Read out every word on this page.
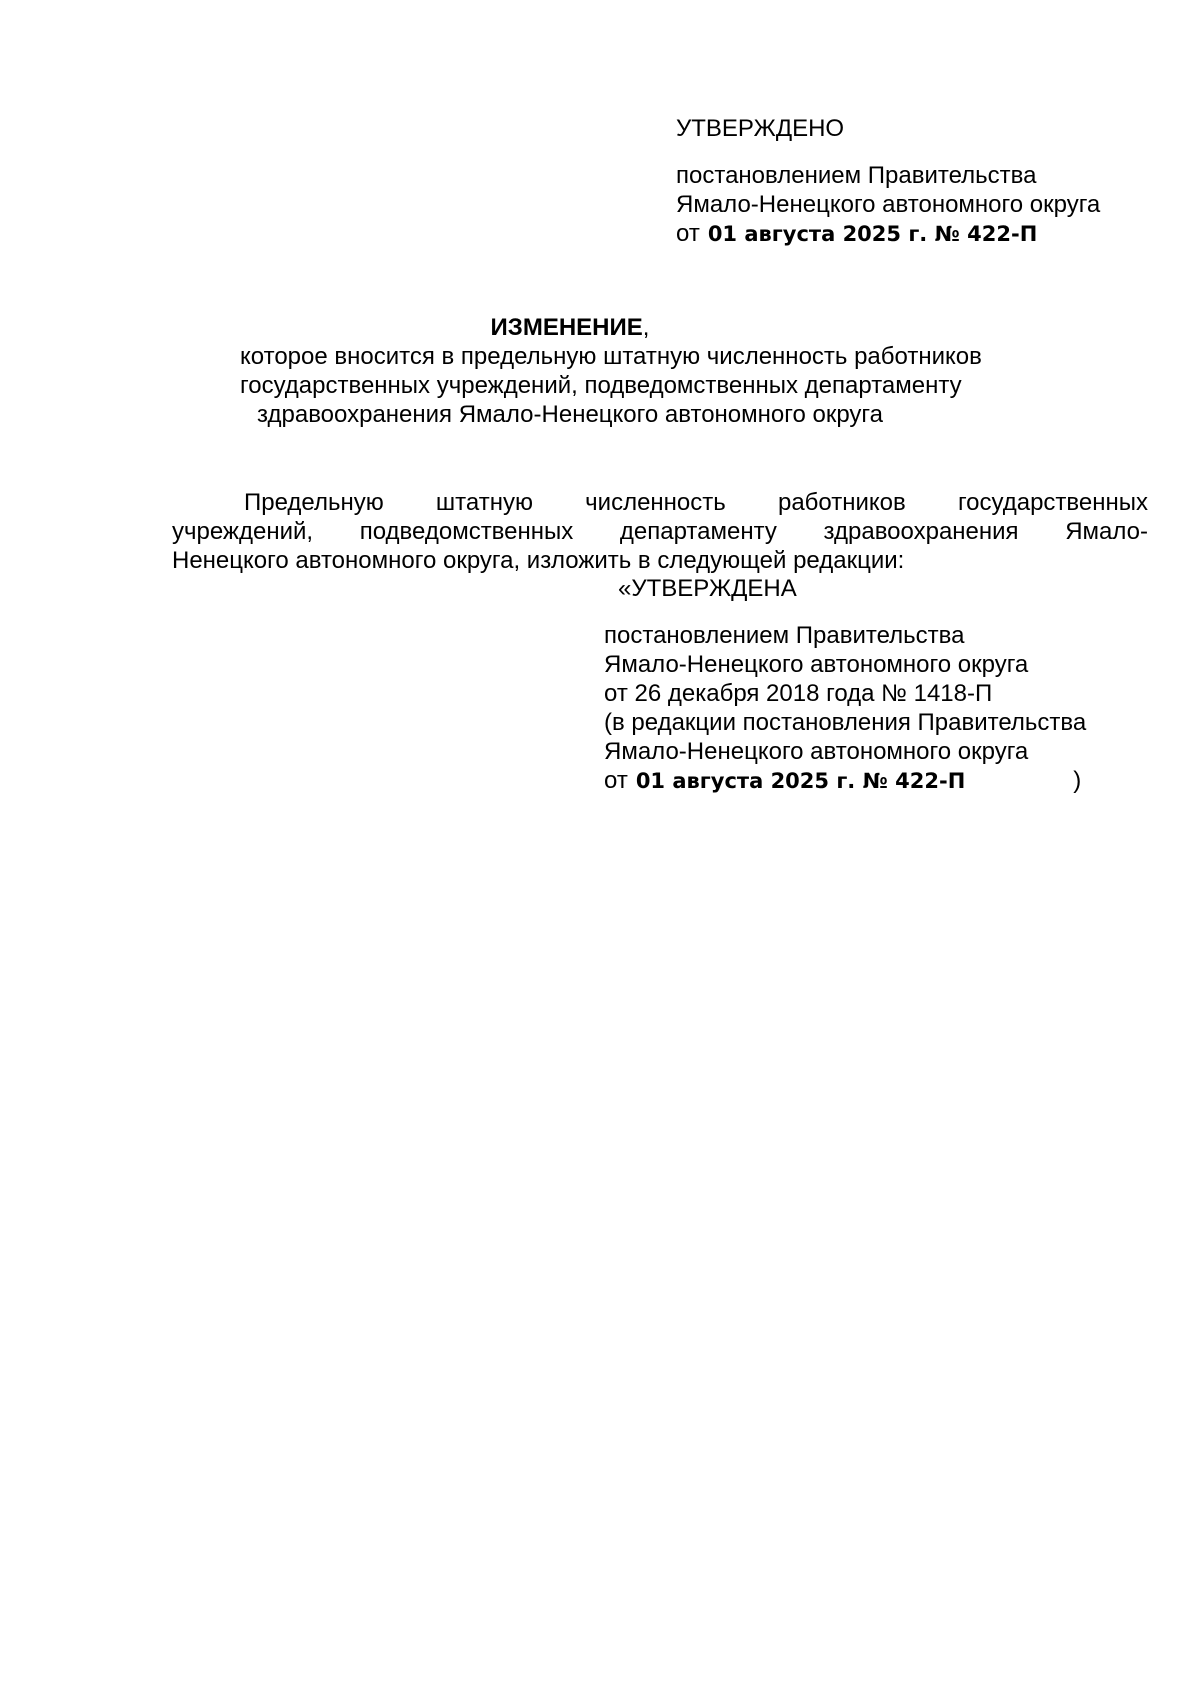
УТВЕРЖДЕНО
постановлением Правительства
Ямало-Ненецкого автономного округа
от 01 августа 2025 г. № 422-П
ИЗМЕНЕНИЕ,
которое вносится в предельную штатную численность работников
государственных учреждений, подведомственных департаменту
здравоохранения Ямало-Ненецкого автономного округа
Предельную штатную численность работников государственных
учреждений, подведомственных департаменту здравоохранения Ямало-
Ненецкого автономного округа, изложить в следующей редакции:
«УТВЕРЖДЕНА
постановлением Правительства
Ямало-Ненецкого автономного округа
от 26 декабря 2018 года № 1418-П
(в редакции постановления Правительства
Ямало-Ненецкого автономного округа
от 01 августа 2025 г. № 422-П	)
